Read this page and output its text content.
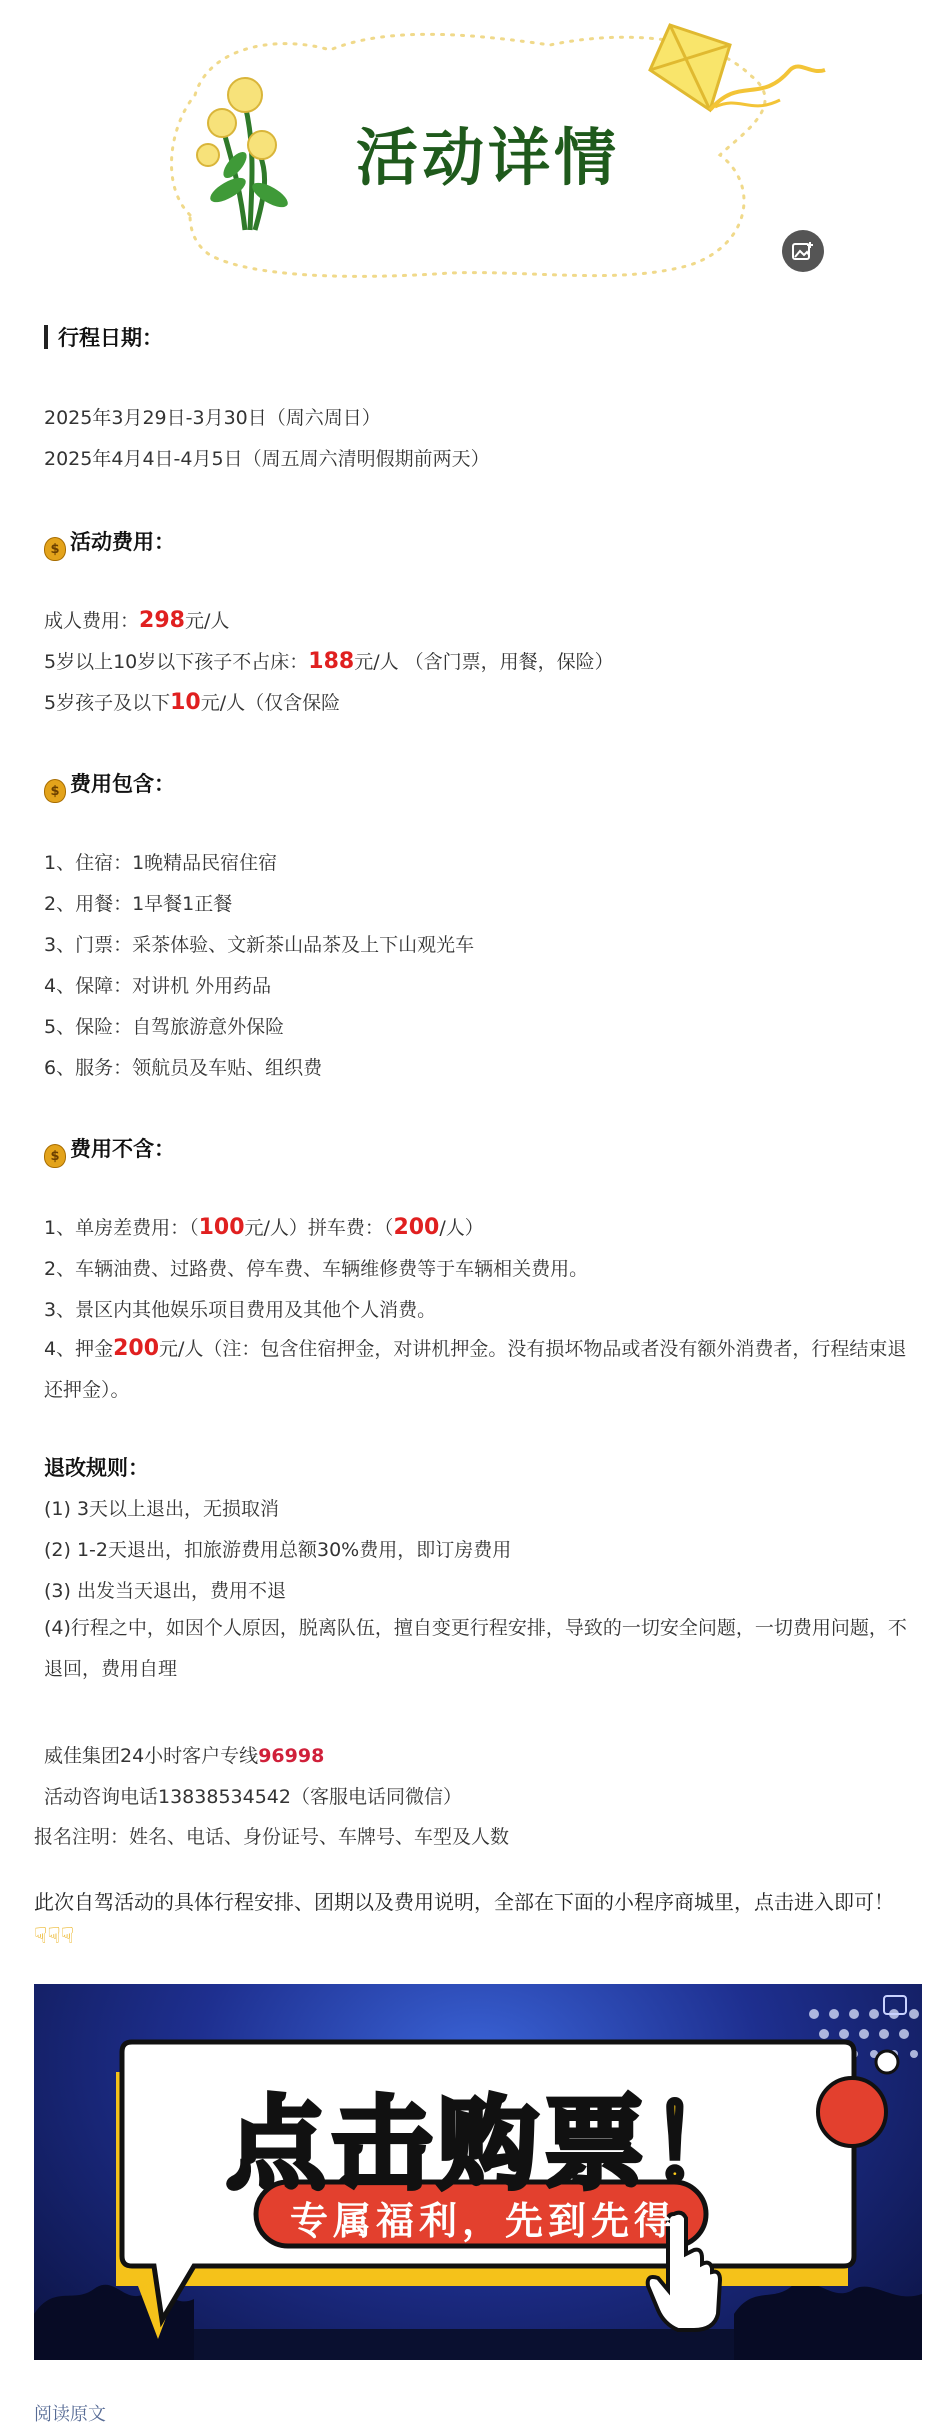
活动详情
行程日期：
2025年3月29日-3月30日（周六周日）
2025年4月4日-4月5日（周五周六清明假期前两天）
$ 活动费用：
成人费用：298元/人
5岁以上10岁以下孩子不占床：188元/人 （含门票，用餐，保险）
5岁孩子及以下10元/人（仅含保险
$ 费用包含：
1、住宿：1晚精品民宿住宿
2、用餐：1早餐1正餐
3、门票：采茶体验、文新茶山品茶及上下山观光车
4、保障：对讲机 外用药品
5、保险：自驾旅游意外保险
6、服务：领航员及车贴、组织费
$ 费用不含：
1、单房差费用：（100元/人）拼车费：（200/人）
2、车辆油费、过路费、停车费、车辆维修费等于车辆相关费用。
3、景区内其他娱乐项目费用及其他个人消费。
4、押金200元/人（注：包含住宿押金，对讲机押金。没有损坏物品或者没有额外消费者，行程结束退还押金）。
退改规则：
(1) 3天以上退出，无损取消
(2) 1-2天退出，扣旅游费用总额30%费用，即订房费用
(3) 出发当天退出，费用不退
(4)行程之中，如因个人原因，脱离队伍，擅自变更行程安排，导致的一切安全问题，一切费用问题，不退回，费用自理
威佳集团24小时客户专线96998
活动咨询电话13838534542（客服电话同微信）
报名注明：姓名、电话、身份证号、车牌号、车型及人数
此次自驾活动的具体行程安排、团期以及费用说明，全部在下面的小程序商城里，点击进入即可！
☟☟☟
点击购票！
专属福利，先到先得
阅读原文
